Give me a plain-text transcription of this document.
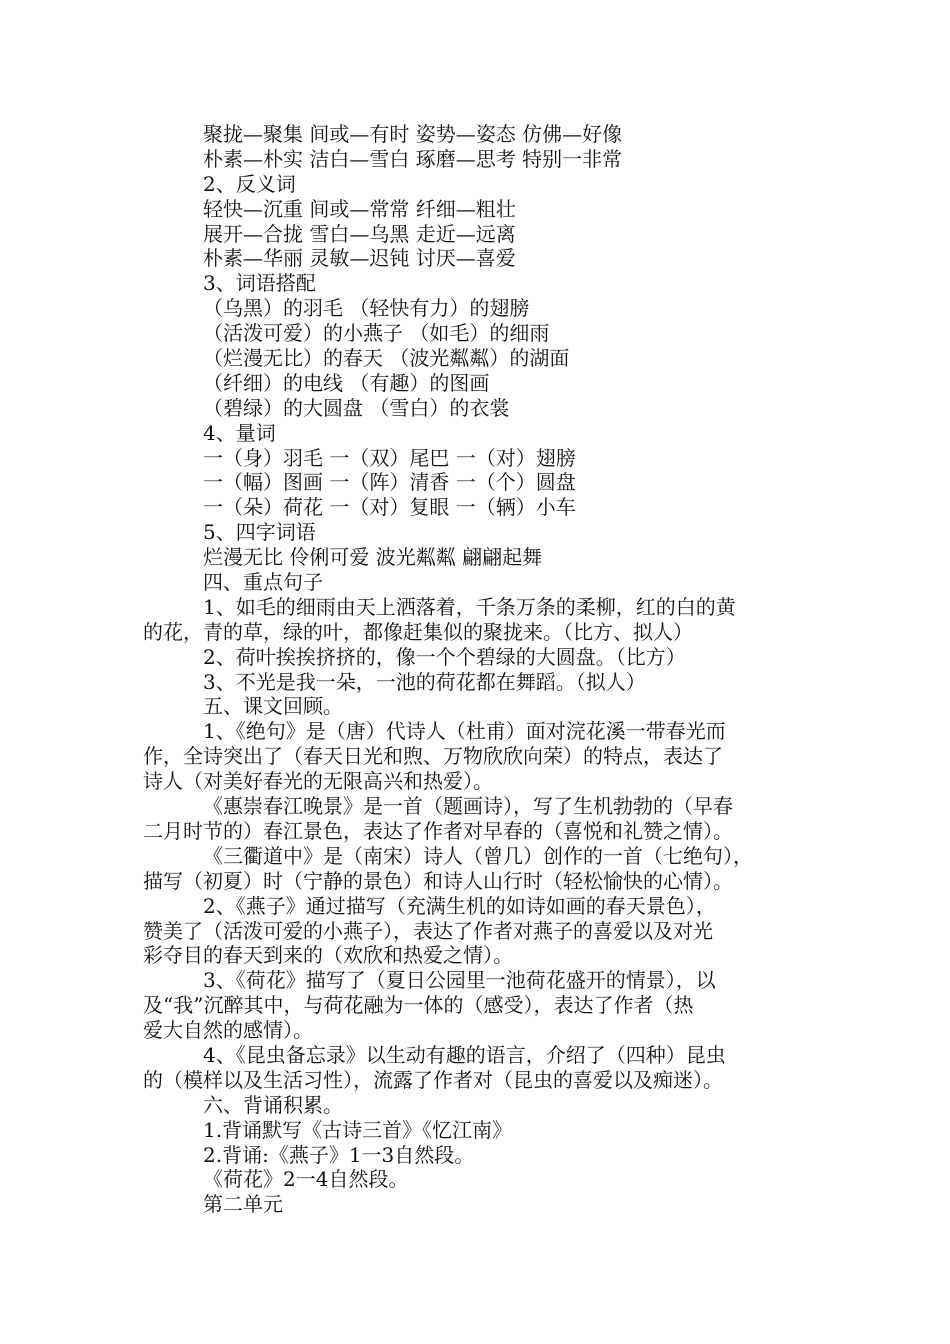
聚拢—聚集 间或—有时 姿势—姿态 仿佛—好像
朴素—朴实 洁白—雪白 琢磨—思考 特别一非常
2、反义词
轻快—沉重 间或—常常 纤细—粗壮
展开—合拢 雪白—乌黑 走近—远离
朴素—华丽 灵敏—迟钝 讨厌—喜爱
3、词语搭配
（乌黑）的羽毛 （轻快有力）的翅膀
（活泼可爱）的小燕子 （如毛）的细雨
（烂漫无比）的春天 （波光粼粼）的湖面
（纤细）的电线 （有趣）的图画
（碧绿）的大圆盘 （雪白）的衣裳
4、量词
一（身）羽毛 一（双）尾巴 一（对）翅膀
一（幅）图画 一（阵）清香 一（个）圆盘
一（朵）荷花 一（对）复眼 一（辆）小车
5、四字词语
烂漫无比 伶俐可爱 波光粼粼 翩翩起舞
四、重点句子
1、如毛的细雨由天上洒落着，千条万条的柔柳，红的白的黄
的花，青的草，绿的叶，都像赶集似的聚拢来。（比方、拟人）
2、荷叶挨挨挤挤的，像一个个碧绿的大圆盘。（比方）
3、不光是我一朵，一池的荷花都在舞蹈。（拟人）
五、课文回顾。
1、《绝句》是（唐）代诗人（杜甫）面对浣花溪一带春光而
作，全诗突出了（春天日光和煦、万物欣欣向荣）的特点，表达了
诗人（对美好春光的无限高兴和热爱）。
《惠崇春江晚景》是一首（题画诗），写了生机勃勃的（早春
二月时节的）春江景色，表达了作者对早春的（喜悦和礼赞之情）。
《三衢道中》是（南宋）诗人（曾几）创作的一首（七绝句），
描写（初夏）时（宁静的景色）和诗人山行时（轻松愉快的心情）。
2、《燕子》通过描写（充满生机的如诗如画的春天景色），
赞美了（活泼可爱的小燕子），表达了作者对燕子的喜爱以及对光
彩夺目的春天到来的（欢欣和热爱之情）。
3、《荷花》描写了（夏日公园里一池荷花盛开的情景），以
及“我”沉醉其中，与荷花融为一体的（感受），表达了作者（热
爱大自然的感情）。
4、《昆虫备忘录》以生动有趣的语言，介绍了（四种）昆虫
的（模样以及生活习性），流露了作者对（昆虫的喜爱以及痴迷）。
六、背诵积累。
1.背诵默写《古诗三首》《忆江南》
2.背诵:《燕子》1一3自然段。
《荷花》2一4自然段。
第二单元
